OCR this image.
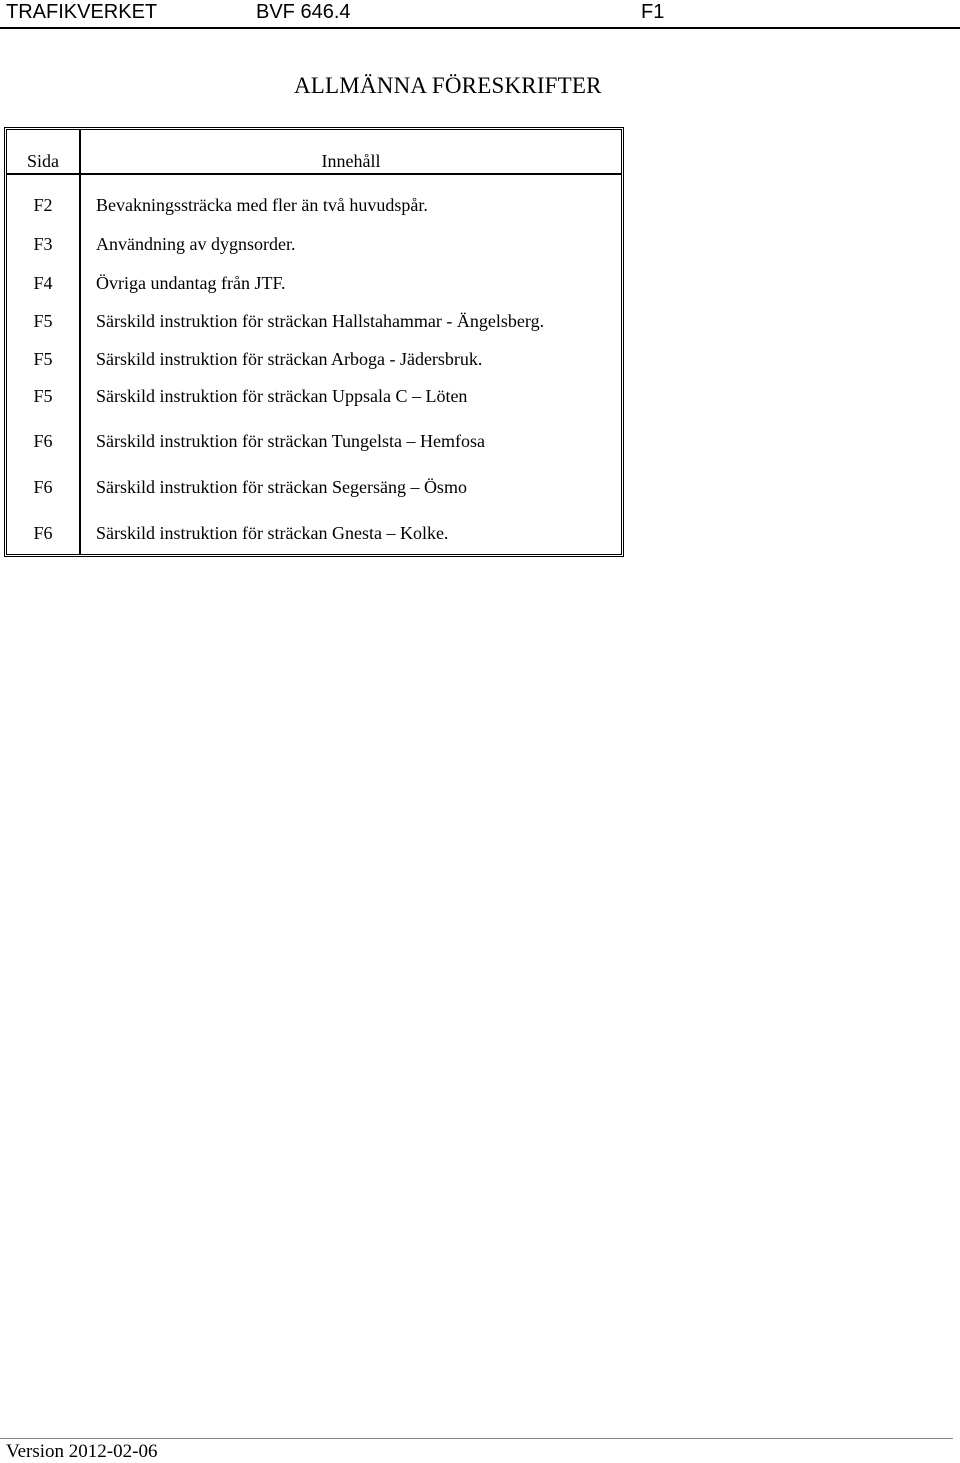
TRAFIKVERKET	BVF 646.4	F1
ALLMÄNNA FÖRESKRIFTER
Sida	Innehåll
F2	Bevakningssträcka med fler än två huvudspår.
F3	Användning av dygnsorder.
F4	Övriga undantag från JTF.
F5	Särskild instruktion för sträckan Hallstahammar - Ängelsberg.
F5	Särskild instruktion för sträckan Arboga - Jädersbruk.
F5	Särskild instruktion för sträckan Uppsala C – Löten
F6	Särskild instruktion för sträckan Tungelsta – Hemfosa
F6	Särskild instruktion för sträckan Segersäng – Ösmo
F6	Särskild instruktion för sträckan Gnesta – Kolke.
Version 2012-02-06
